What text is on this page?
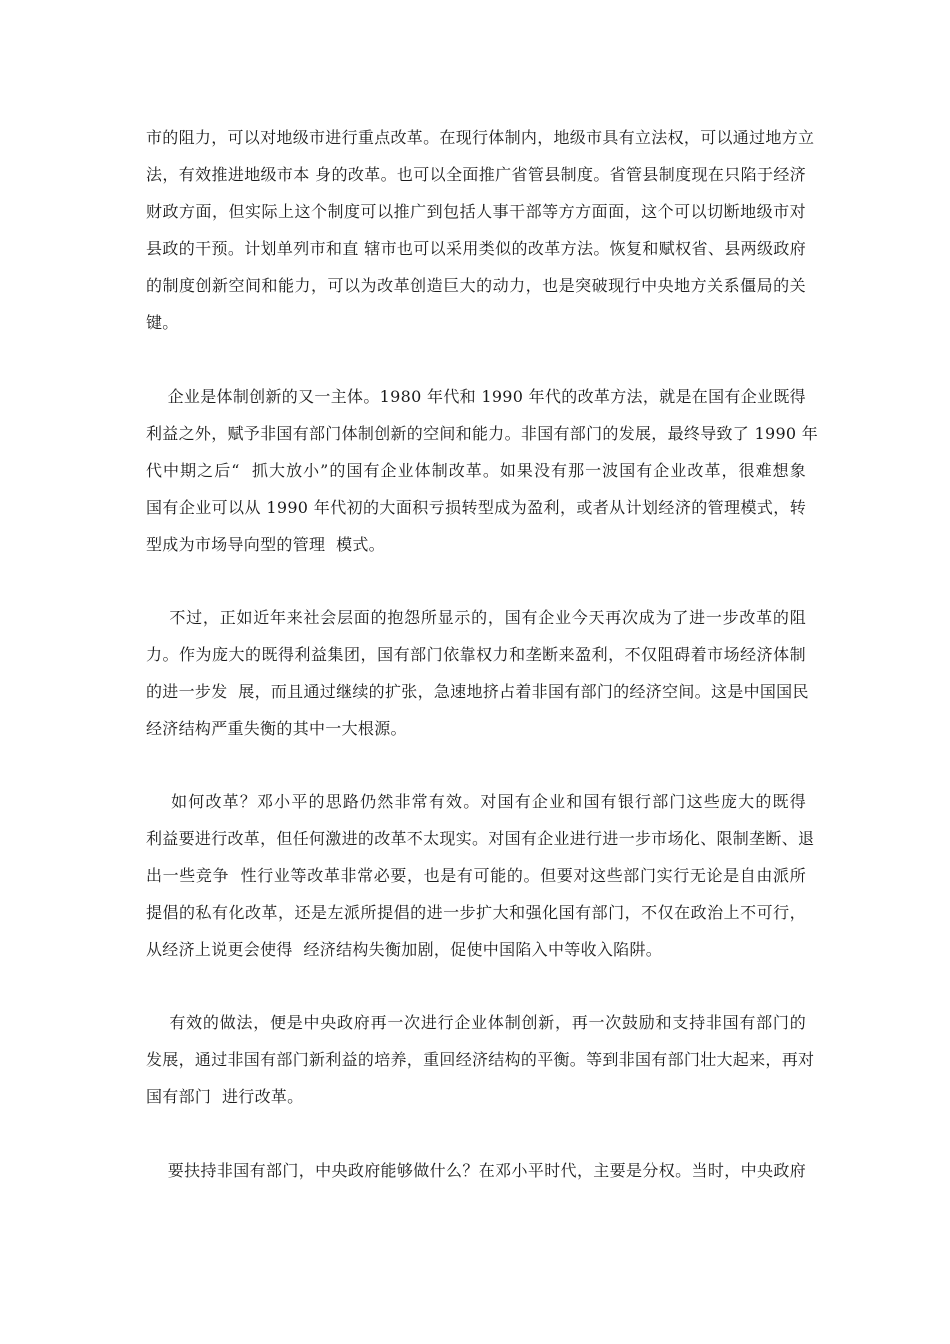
市的阻力，可以对地级市进行重点改革。在现行体制内，地级市具有立法权，可以通过地方立
法，有效推进地级市本 身的改革。也可以全面推广省管县制度。省管县制度现在只陷于经济
财政方面，但实际上这个制度可以推广到包括人事干部等方方面面，这个可以切断地级市对
县政的干预。计划单列市和直 辖市也可以采用类似的改革方法。恢复和赋权省、县两级政府
的制度创新空间和能力，可以为改革创造巨大的动力，也是突破现行中央地方关系僵局的关
键。
企业是体制创新的又一主体。1980 年代和 1990 年代的改革方法，就是在国有企业既得
利益之外，赋予非国有部门体制创新的空间和能力。非国有部门的发展，最终导致了 1990 年
代中期之后“  抓大放小”的国有企业体制改革。如果没有那一波国有企业改革，很难想象
国有企业可以从 1990 年代初的大面积亏损转型成为盈利，或者从计划经济的管理模式，转
型成为市场导向型的管理  模式。
不过，正如近年来社会层面的抱怨所显示的，国有企业今天再次成为了进一步改革的阻
力。作为庞大的既得利益集团，国有部门依靠权力和垄断来盈利，不仅阻碍着市场经济体制
的进一步发  展，而且通过继续的扩张，急速地挤占着非国有部门的经济空间。这是中国国民
经济结构严重失衡的其中一大根源。
如何改革？邓小平的思路仍然非常有效。对国有企业和国有银行部门这些庞大的既得
利益要进行改革，但任何激进的改革不太现实。对国有企业进行进一步市场化、限制垄断、退
出一些竞争  性行业等改革非常必要，也是有可能的。但要对这些部门实行无论是自由派所
提倡的私有化改革，还是左派所提倡的进一步扩大和强化国有部门，不仅在政治上不可行，
从经济上说更会使得  经济结构失衡加剧，促使中国陷入中等收入陷阱。
有效的做法，便是中央政府再一次进行企业体制创新，再一次鼓励和支持非国有部门的
发展，通过非国有部门新利益的培养，重回经济结构的平衡。等到非国有部门壮大起来，再对
国有部门  进行改革。
要扶持非国有部门，中央政府能够做什么？在邓小平时代，主要是分权。当时，中央政府
